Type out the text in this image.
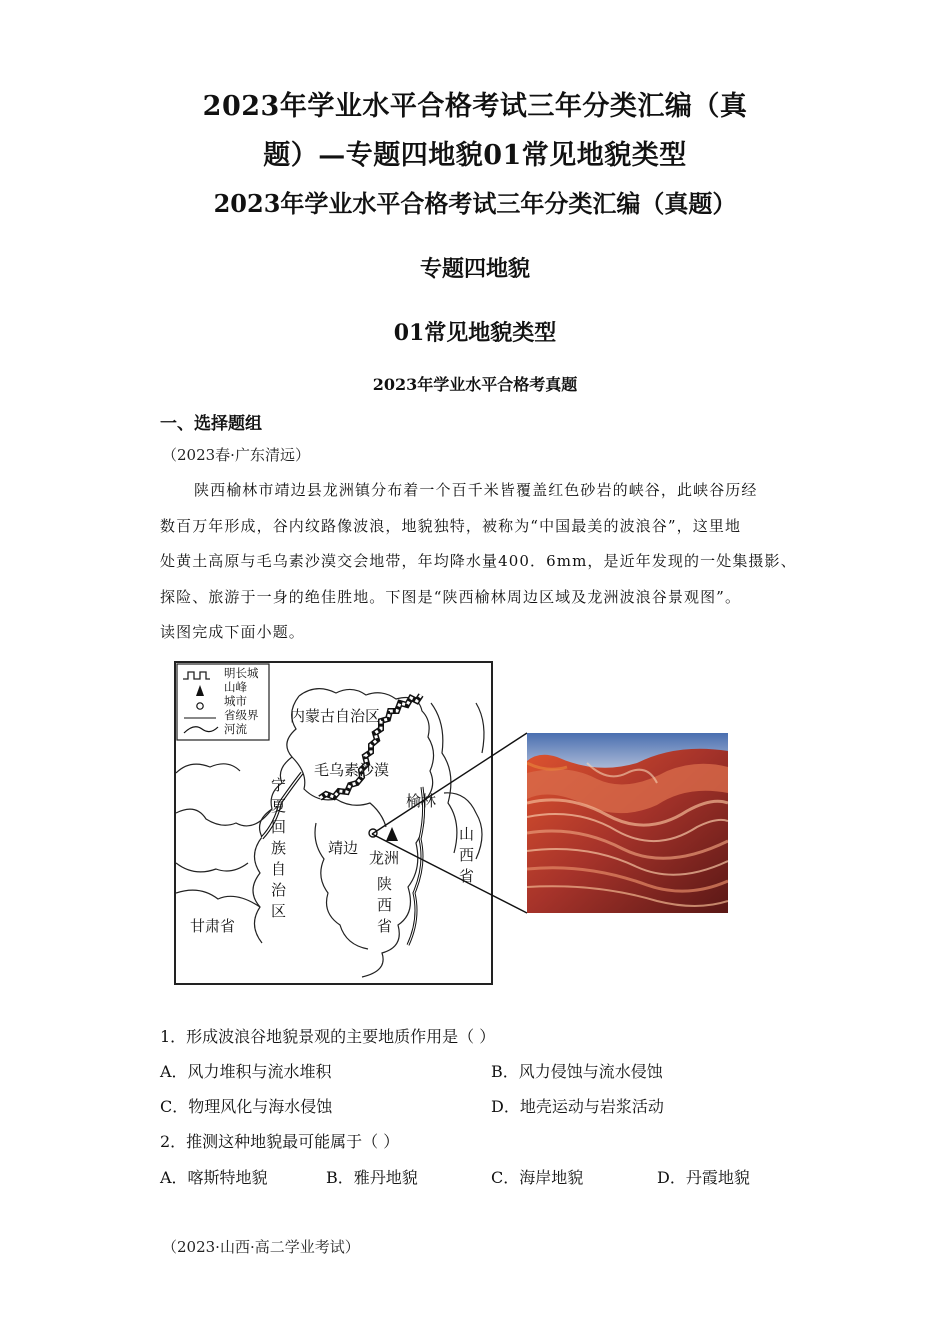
2023年学业水平合格考试三年分类汇编（真
题）—专题四地貌01常见地貌类型
2023年学业水平合格考试三年分类汇编（真题）
专题四地貌
01常见地貌类型
2023年学业水平合格考真题
一、选择题组
（2023春·广东清远）
陕西榆林市靖边县龙洲镇分布着一个百千米皆覆盖红色砂岩的峡谷，此峡谷历经
数百万年形成，谷内纹路像波浪，地貌独特，被称为“中国最美的波浪谷”，这里地
处黄土高原与毛乌素沙漠交会地带，年均降水量400．6mm，是近年发现的一处集摄影、
探险、旅游于一身的绝佳胜地。下图是“陕西榆林周边区域及龙洲波浪谷景观图”。
读图完成下面小题。
明长城
山峰
城市
省级界
河流
内蒙古自治区
毛乌素沙漠
榆林
靖边
龙洲
甘肃省
宁
夏
回
族
自
治
区
陕
西
省
山
西
省
1．形成波浪谷地貌景观的主要地质作用是（ ）
A．风力堆积与流水堆积	B．风力侵蚀与流水侵蚀
C．物理风化与海水侵蚀	D．地壳运动与岩浆活动
2．推测这种地貌最可能属于（ ）
A．喀斯特地貌	B．雅丹地貌	C．海岸地貌	D．丹霞地貌
（2023·山西·高二学业考试）
